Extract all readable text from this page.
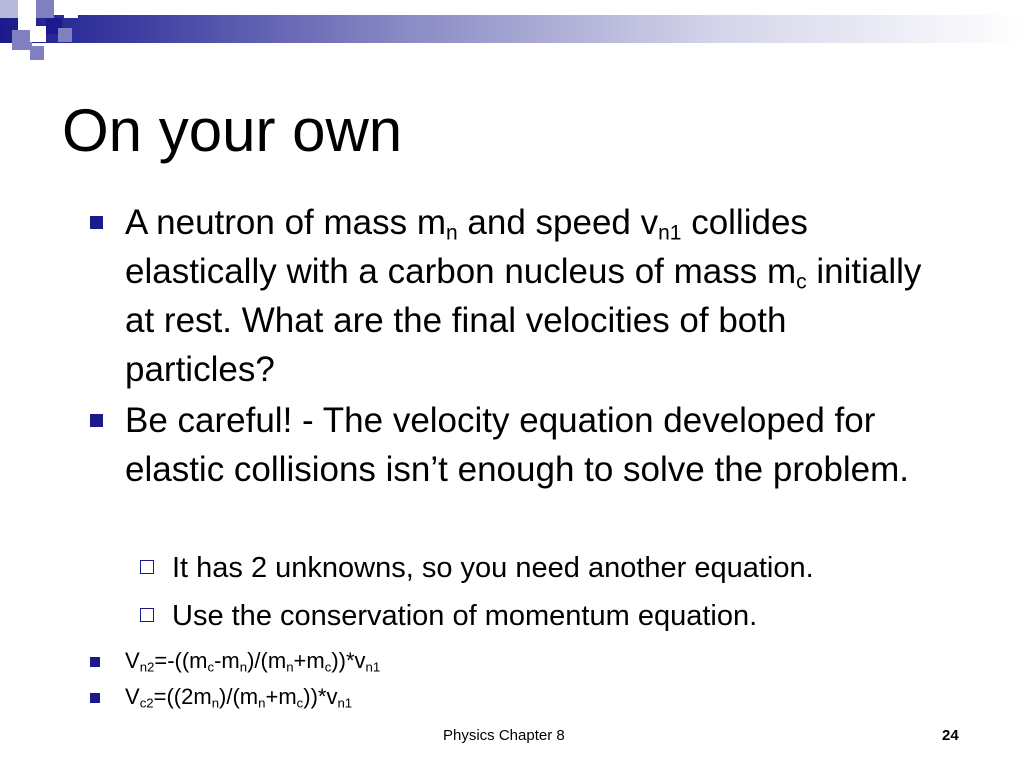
On your own
A neutron of mass $m_n$ and speed $v_{n1}$ collides elastically with a carbon nucleus of mass $m_c$ initially at rest. What are the final velocities of both particles?
Be careful! - The velocity equation developed for elastic collisions isn’t enough to solve the problem.
It has 2 unknowns, so you need another equation.
Use the conservation of momentum equation.
$V_{n2}=-((m_c-m_n)/(m_n+m_c))*v_{n1}$
$V_{c2}=((2m_n)/(m_n+m_c))*v_{n1}$
Physics Chapter 8	24
